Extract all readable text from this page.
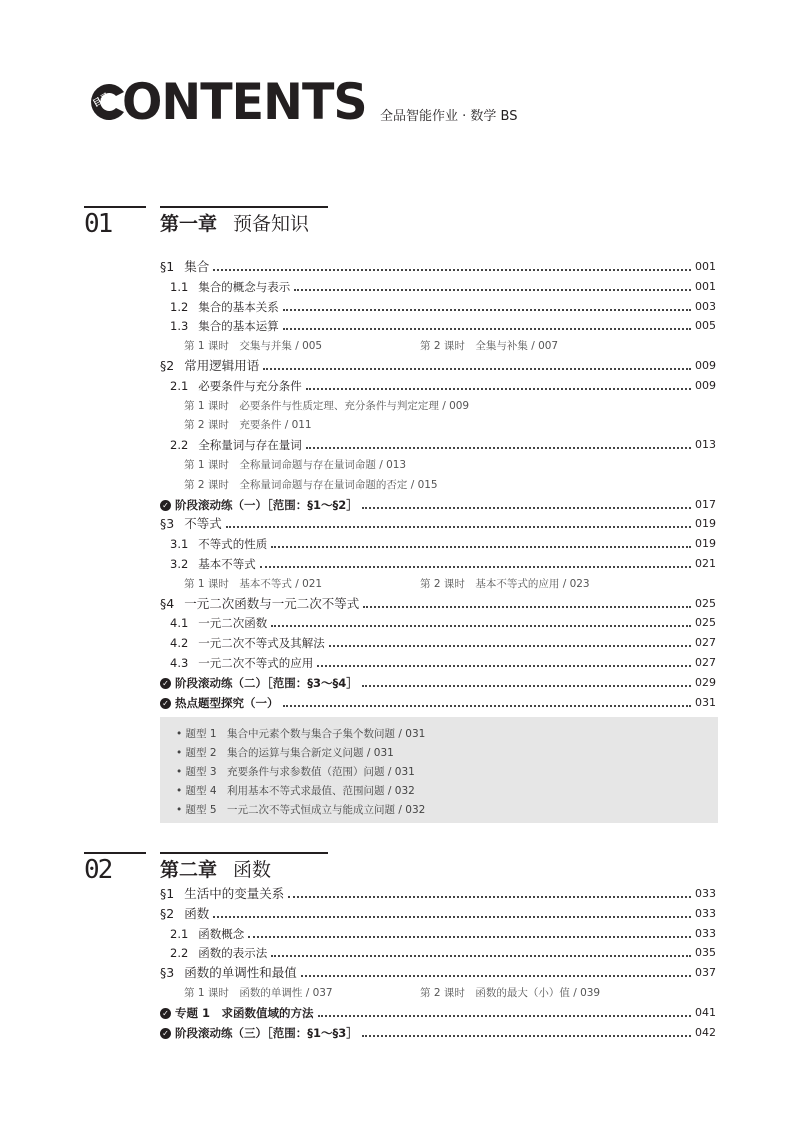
目录 ONTENTS 全品智能作业 · 数学 BS
01	第一章 预备知识
§1 集合	001
1.1 集合的概念与表示	001
1.2 集合的基本关系	003
1.3 集合的基本运算	005
第 1 课时　交集与并集 / 005	第 2 课时　全集与补集 / 007
§2 常用逻辑用语	009
2.1 必要条件与充分条件	009
第 1 课时　必要条件与性质定理、充分条件与判定定理 / 009
第 2 课时　充要条件 / 011
2.2 全称量词与存在量词	013
第 1 课时　全称量词命题与存在量词命题 / 013
第 2 课时　全称量词命题与存在量词命题的否定 / 015
✓ 阶段滚动练（一）［范围：§1～§2］	017
§3 不等式	019
3.1 不等式的性质	019
3.2 基本不等式	021
第 1 课时　基本不等式 / 021	第 2 课时　基本不等式的应用 / 023
§4 一元二次函数与一元二次不等式	025
4.1 一元二次函数	025
4.2 一元二次不等式及其解法	027
4.3 一元二次不等式的应用	027
✓ 阶段滚动练（二）［范围：§3～§4］	029
✓ 热点题型探究（一）	031
• 题型 1　集合中元素个数与集合子集个数问题 / 031
• 题型 2　集合的运算与集合新定义问题 / 031
• 题型 3　充要条件与求参数值（范围）问题 / 031
• 题型 4　利用基本不等式求最值、范围问题 / 032
• 题型 5　一元二次不等式恒成立与能成立问题 / 032
02	第二章 函数
§1 生活中的变量关系	033
§2 函数	033
2.1 函数概念	033
2.2 函数的表示法	035
§3 函数的单调性和最值	037
第 1 课时　函数的单调性 / 037	第 2 课时　函数的最大（小）值 / 039
✓ 专题 1　求函数值域的方法	041
✓ 阶段滚动练（三）［范围：§1～§3］	042
